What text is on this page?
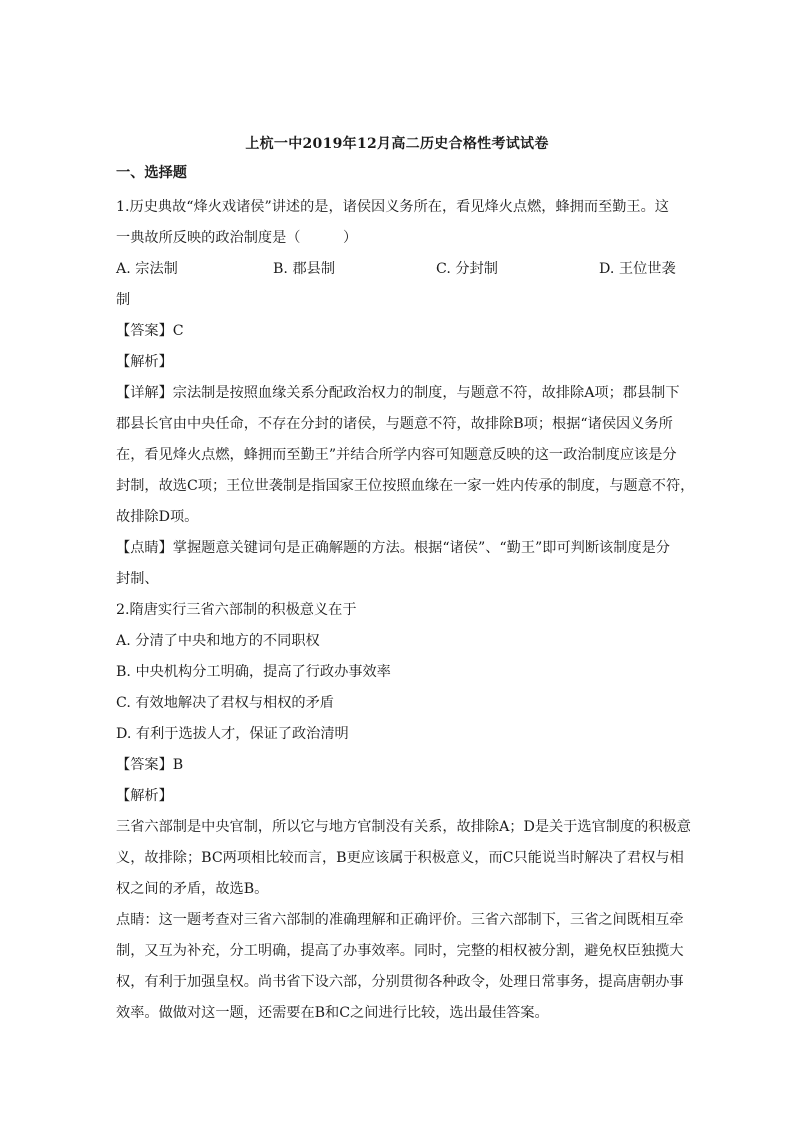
上杭一中2019年12月高二历史合格性考试试卷
一、选择题
1.历史典故“烽火戏诸侯”讲述的是，诸侯因义务所在，看见烽火点燃，蜂拥而至勤王。这
一典故所反映的政治制度是（　　　）
A. 宗法制	B. 郡县制	C. 分封制	D. 王位世袭
制
【答案】C
【解析】
【详解】宗法制是按照血缘关系分配政治权力的制度，与题意不符，故排除A项；郡县制下
郡县长官由中央任命，不存在分封的诸侯，与题意不符，故排除B项；根据“诸侯因义务所
在，看见烽火点燃，蜂拥而至勤王”并结合所学内容可知题意反映的这一政治制度应该是分
封制，故选C项；王位世袭制是指国家王位按照血缘在一家一姓内传承的制度，与题意不符，
故排除D项。
【点睛】掌握题意关键词句是正确解题的方法。根据“诸侯”、“勤王”即可判断该制度是分
封制、
2.隋唐实行三省六部制的积极意义在于
A. 分清了中央和地方的不同职权
B. 中央机构分工明确，提高了行政办事效率
C. 有效地解决了君权与相权的矛盾
D. 有利于选拔人才，保证了政治清明
【答案】B
【解析】
三省六部制是中央官制，所以它与地方官制没有关系，故排除A；D是关于选官制度的积极意
义，故排除；BC两项相比较而言，B更应该属于积极意义，而C只能说当时解决了君权与相
权之间的矛盾，故选B。
点睛：这一题考查对三省六部制的准确理解和正确评价。三省六部制下，三省之间既相互牵
制，又互为补充，分工明确，提高了办事效率。同时，完整的相权被分割，避免权臣独揽大
权，有利于加强皇权。尚书省下设六部，分别贯彻各种政令，处理日常事务，提高唐朝办事
效率。做做对这一题，还需要在B和C之间进行比较，选出最佳答案。
